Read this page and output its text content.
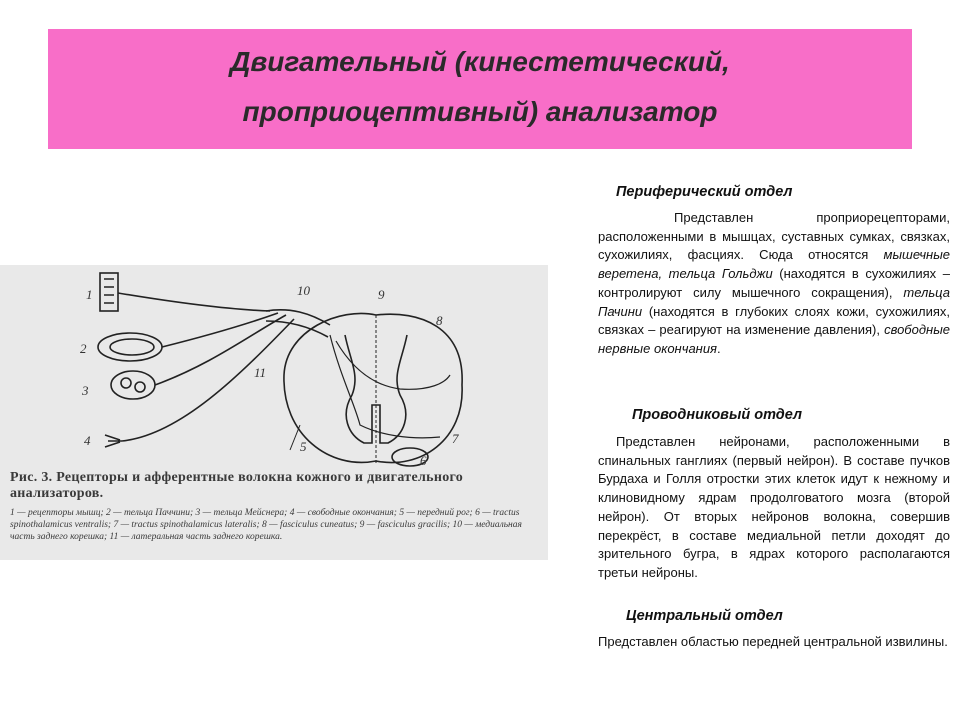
Двигательный (кинестетический,
проприоцептивный) анализатор
1
2
3
4	5
6
7
8
9
10
11
Рис. 3. Рецепторы и афферентные волокна кожного и двигательного анализаторов.
1 — рецепторы мышц; 2 — тельца Паччини; 3 — тельца Мейснера; 4 — свободные окончания; 5 — передний рог; 6 — tractus spinothalamicus ventralis; 7 — tractus spinothalamicus lateralis; 8 — fasciculus cuneatus; 9 — fasciculus gracilis; 10 — медиальная часть заднего корешка; 11 — латеральная часть заднего корешка.
Периферический отдел
Представлен проприорецепторами, расположенными в мышцах, суставных сумках, связках, сухожилиях, фасциях. Сюда относятся мышечные веретена, тельца Гольджи (находятся в сухожилиях – контролируют силу мышечного сокращения), тельца Пачини (находятся в глубоких слоях кожи, сухожилиях, связках – реагируют на изменение давления), свободные нервные окончания.
Проводниковый отдел
Представлен нейронами, расположенными в спинальных ганглиях (первый нейрон). В составе пучков Бурдаха и Голля отростки этих клеток идут к нежному и клиновидному ядрам продолговатого мозга (второй нейрон). От вторых нейронов волокна, совершив перекрёст, в составе медиальной петли доходят до зрительного бугра, в ядрах которого располагаются третьи нейроны.
Центральный отдел
Представлен областью передней центральной извилины.
